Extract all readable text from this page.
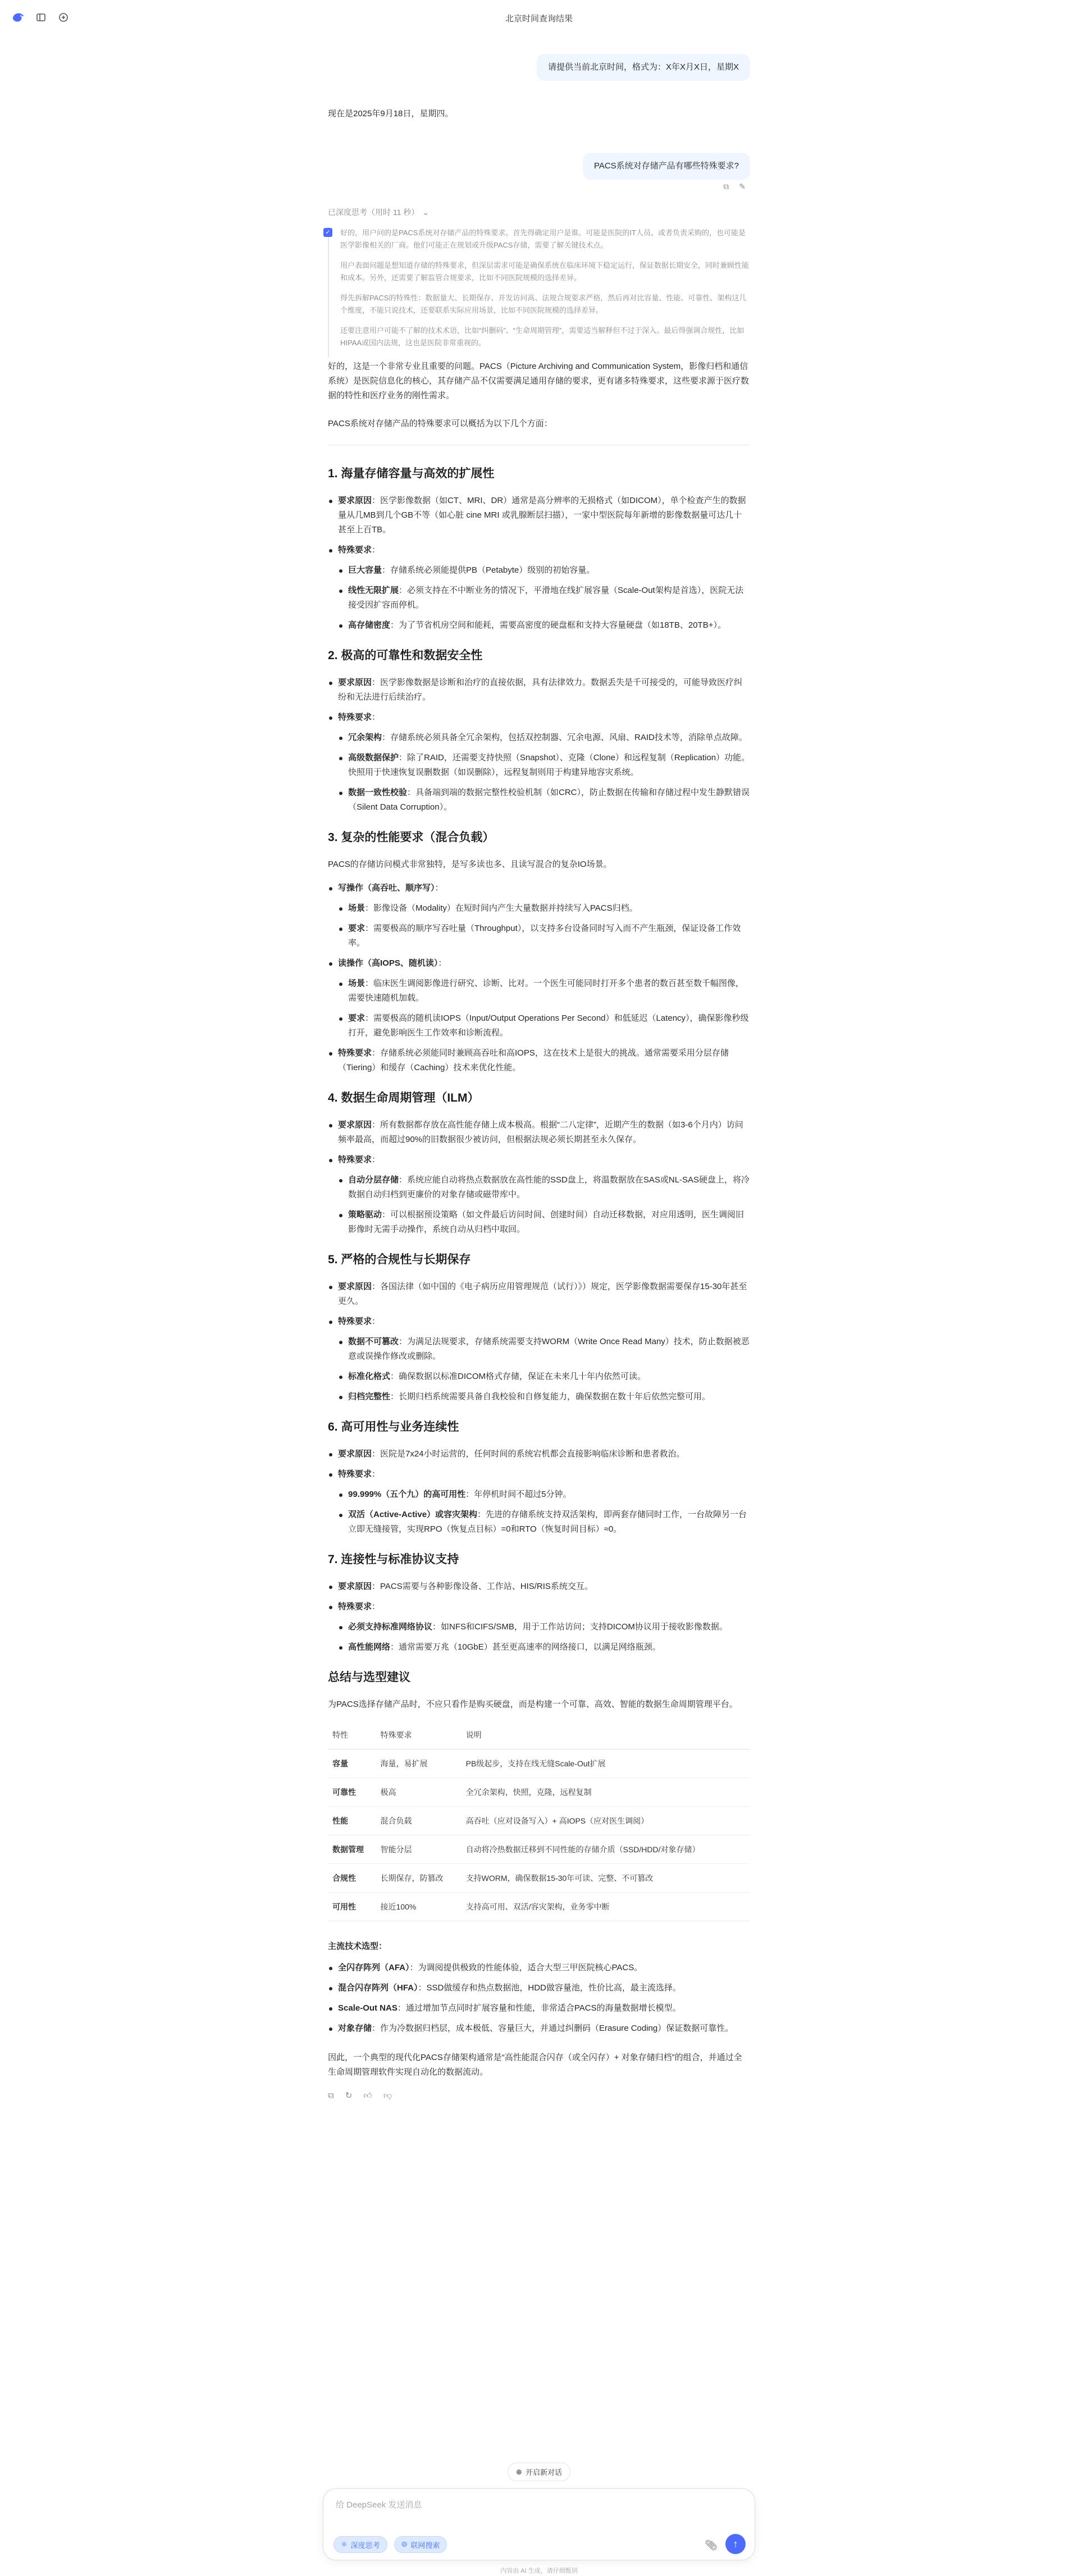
北京时间查询结果
请提供当前北京时间，格式为：X年X月X日，星期X
现在是2025年9月18日，星期四。
PACS系统对存储产品有哪些特殊要求?
⧉ ✎
已深度思考（用时 11 秒） ⌄
✓ 好的，用户问的是PACS系统对存储产品的特殊要求。首先得确定用户是谁。可能是医院的IT人员、或者负责采购的，也可能是医学影像相关的厂商。他们可能正在规划或升级PACS存储，需要了解关键技术点。

用户表面问题是想知道存储的特殊要求，但深层需求可能是确保系统在临床环境下稳定运行，保证数据长期安全，同时兼顾性能和成本。另外，还需要了解监管合规要求，比如不同医院规模的选择差异。

得先拆解PACS的特殊性：数据量大、长期保存、并发访问高、法规合规要求严格，然后再对比容量、性能、可靠性、架构这几个维度，不能只说技术，还要联系实际应用场景，比如不同医院规模的选择差异。

还要注意用户可能不了解的技术术语，比如“纠删码”、“生命周期管理”，需要适当解释但不过于深入。最后得强调合规性，比如HIPAA或国内法规，这也是医院非常重视的。

好的，这是一个非常专业且重要的问题。PACS（Picture Archiving and Communication System，影像归档和通信系统）是医院信息化的核心，其存储产品不仅需要满足通用存储的要求，更有诸多特殊要求，这些要求源于医疗数据的特性和医疗业务的刚性需求。

PACS系统对存储产品的特殊要求可以概括为以下几个方面：

1. 海量存储容量与高效的扩展性
要求原因：医学影像数据（如CT、MRI、DR）通常是高分辨率的无损格式（如DICOM），单个检查产生的数据量从几MB到几个GB不等（如心脏 cine MRI 或乳腺断层扫描），一家中型医院每年新增的影像数据量可达几十甚至上百TB。
特殊要求：
巨大容量：存储系统必须能提供PB（Petabyte）级别的初始容量。
线性无限扩展：必须支持在不中断业务的情况下，平滑地在线扩展容量（Scale-Out架构是首选），医院无法接受因扩容而停机。
高存储密度：为了节省机房空间和能耗，需要高密度的硬盘框和支持大容量硬盘（如18TB、20TB+）。
2. 极高的可靠性和数据安全性
要求原因：医学影像数据是诊断和治疗的直接依据，具有法律效力。数据丢失是千可接受的，可能导致医疗纠纷和无法进行后续治疗。
特殊要求：
冗余架构：存储系统必须具备全冗余架构，包括双控制器、冗余电源、风扇、RAID技术等，消除单点故障。
高级数据保护：除了RAID，还需要支持快照（Snapshot）、克隆（Clone）和远程复制（Replication）功能。快照用于快速恢复误删数据（如误删除），远程复制则用于构建异地容灾系统。
数据一致性校验：具备端到端的数据完整性校验机制（如CRC），防止数据在传输和存储过程中发生静默错误（Silent Data Corruption）。
3. 复杂的性能要求（混合负载）

PACS的存储访问模式非常独特，是写多读也多、且读写混合的复杂IO场景。

写操作（高吞吐、顺序写）：
场景：影像设备（Modality）在短时间内产生大量数据并持续写入PACS归档。
要求：需要极高的顺序写吞吐量（Throughput），以支持多台设备同时写入而不产生瓶颈，保证设备工作效率。
读操作（高IOPS、随机读）：
场景：临床医生调阅影像进行研究、诊断、比对。一个医生可能同时打开多个患者的数百甚至数千幅图像，需要快速随机加载。
要求：需要极高的随机读IOPS（Input/Output Operations Per Second）和低延迟（Latency），确保影像秒级打开，避免影响医生工作效率和诊断流程。
特殊要求：存储系统必须能同时兼顾高吞吐和高IOPS，这在技术上是很大的挑战。通常需要采用分层存储（Tiering）和缓存（Caching）技术来优化性能。
4. 数据生命周期管理（ILM）
要求原因：所有数据都存放在高性能存储上成本极高。根据“二八定律”，近期产生的数据（如3-6个月内）访问频率最高，而超过90%的旧数据很少被访问，但根据法规必须长期甚至永久保存。
特殊要求：
自动分层存储：系统应能自动将热点数据放在高性能的SSD盘上，将温数据放在SAS或NL-SAS硬盘上，将冷数据自动归档到更廉价的对象存储或磁带库中。
策略驱动：可以根据预设策略（如文件最后访问时间、创建时间）自动迁移数据，对应用透明，医生调阅旧影像时无需手动操作，系统自动从归档中取回。
5. 严格的合规性与长期保存
要求原因：各国法律（如中国的《电子病历应用管理规范（试行）》）规定，医学影像数据需要保存15-30年甚至更久。
特殊要求：
数据不可篡改：为满足法规要求，存储系统需要支持WORM（Write Once Read Many）技术，防止数据被恶意或误操作修改或删除。
标准化格式：确保数据以标准DICOM格式存储，保证在未来几十年内依然可读。
归档完整性：长期归档系统需要具备自我校验和自修复能力，确保数据在数十年后依然完整可用。
6. 高可用性与业务连续性
要求原因：医院是7x24小时运营的，任何时间的系统宕机都会直接影响临床诊断和患者救治。
特殊要求：
99.999%（五个九）的高可用性：年停机时间不超过5分钟。
双活（Active-Active）或容灾架构：先进的存储系统支持双活架构，即两套存储同时工作，一台故障另一台立即无缝接管，实现RPO（恢复点目标）=0和RTO（恢复时间目标）≈0。
7. 连接性与标准协议支持
要求原因：PACS需要与各种影像设备、工作站、HIS/RIS系统交互。
特殊要求：
必须支持标准网络协议：如NFS和CIFS/SMB，用于工作站访问；支持DICOM协议用于接收影像数据。
高性能网络：通常需要万兆（10GbE）甚至更高速率的网络接口，以满足网络瓶颈。
总结与选型建议

为PACS选择存储产品时，不应只看作是购买硬盘，而是构建一个可靠、高效、智能的数据生命周期管理平台。

特性	特殊要求	说明
容量	海量，易扩展	PB级起步，支持在线无缝Scale-Out扩展
可靠性	极高	全冗余架构，快照，克隆，远程复制
性能	混合负载	高吞吐（应对设备写入）+ 高IOPS（应对医生调阅）
数据管理	智能分层	自动将冷热数据迁移到不同性能的存储介质（SSD/HDD/对象存储）
合规性	长期保存，防篡改	支持WORM，确保数据15-30年可读、完整、不可篡改
可用性	接近100%	支持高可用、双活/容灾架构，业务零中断

主流技术选型：

全闪存阵列（AFA）：为调阅提供极致的性能体验，适合大型三甲医院核心PACS。
混合闪存阵列（HFA）：SSD做缓存和热点数据池，HDD做容量池，性价比高，最主流选择。
Scale-Out NAS：通过增加节点同时扩展容量和性能，非常适合PACS的海量数据增长模型。
对象存储：作为冷数据归档层，成本极低、容量巨大，并通过纠删码（Erasure Coding）保证数据可靠性。

因此，一个典型的现代化PACS存储架构通常是“高性能混合闪存（或全闪存）+ 对象存储归档”的组合，并通过全生命周期管理软件实现自动化的数据流动。

⧉ ↻ 👍︎ 👎︎
⊕ 开启新对话
给 DeepSeek 发送消息
⚛ 深度思考	🌐︎ 联网搜索	📎︎ ↑
内容由 AI 生成，请仔细甄别
